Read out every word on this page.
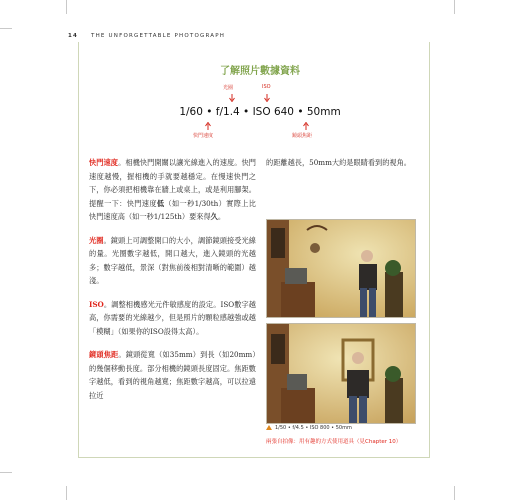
14 THE UNFORGETTABLE PHOTOGRAPH
了解照片數據資料
光圈	ISO
1/60 • f/1.4 • ISO 640 • 50mm
快門速度	鏡頭焦距

快門速度。相機快門開關以讓光線進入的速度。快門速度越慢，握相機的手就要越穩定。在慢速快門之下，你必須把相機靠在牆上或桌上，或是利用腳架。提醒一下：快門速度低（如一秒1/30th）實際上比快門速度高（如一秒1/125th）要來得久。

光圈。鏡頭上可調整開口的大小，調節鏡頭接受光線的量。光圈數字越低，開口越大，進入鏡頭的光越多；數字越低，景深（對焦前後相對清晰的範圍）越淺。

ISO。調整相機感光元件敏感度的設定。ISO數字越高，你需要的光線越少，但是照片的顆粒感越強或越「模糊」（如果你的ISO設得太高）。

鏡頭焦距。鏡頭從寬（如35mm）到長（如20mm）的幾個移動長度。部分相機的鏡頭長度固定。焦距數字越低，看到的視角越寬；焦距數字越高，可以拉遠拉近

的距離越長，50mm大約是眼睛看到的視角。
1/50 • f/4.5 • ISO 800 • 50mm
兩張自拍像：用有趣的方式使用道具（見Chapter 10）
